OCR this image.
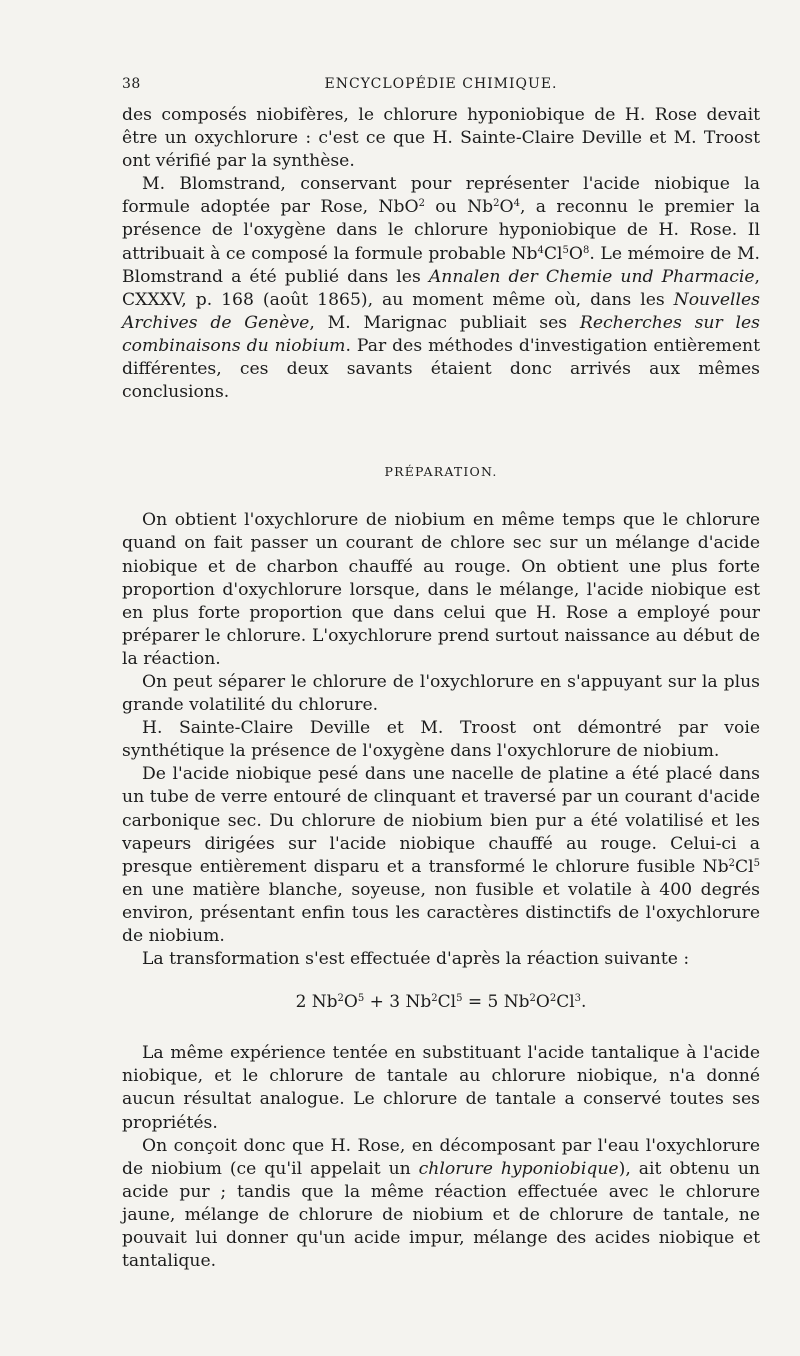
38	ENCYCLOPÉDIE CHIMIQUE.

des composés niobifères, le chlorure hyponiobique de H. Rose devait être un oxychlorure : c'est ce que H. Sainte-Claire Deville et M. Troost ont vérifié par la synthèse.

M. Blomstrand, conservant pour représenter l'acide niobique la formule adoptée par Rose, NbO$^2$ ou $Nb^2O^4$, a reconnu le premier la présence de l'oxygène dans le chlorure hyponiobique de H. Rose. Il attribuait à ce composé la formule probable $Nb^4Cl^5O^8$. Le mémoire de M. Blomstrand a été publié dans les Annalen der Chemie und Pharmacie, CXXXV, p. 168 (août 1865), au moment même où, dans les Nouvelles Archives de Genève, M. Marignac publiait ses Recherches sur les combinaisons du niobium. Par des méthodes d'investigation entièrement différentes, ces deux savants étaient donc arrivés aux mêmes conclusions.

PRÉPARATION.

On obtient l'oxychlorure de niobium en même temps que le chlorure quand on fait passer un courant de chlore sec sur un mélange d'acide niobique et de charbon chauffé au rouge. On obtient une plus forte proportion d'oxychlorure lorsque, dans le mélange, l'acide niobique est en plus forte proportion que dans celui que H. Rose a employé pour préparer le chlorure. L'oxychlorure prend surtout naissance au début de la réaction.

On peut séparer le chlorure de l'oxychlorure en s'appuyant sur la plus grande volatilité du chlorure.

H. Sainte-Claire Deville et M. Troost ont démontré par voie synthétique la présence de l'oxygène dans l'oxychlorure de niobium.

De l'acide niobique pesé dans une nacelle de platine a été placé dans un tube de verre entouré de clinquant et traversé par un courant d'acide carbonique sec. Du chlorure de niobium bien pur a été volatilisé et les vapeurs dirigées sur l'acide niobique chauffé au rouge. Celui-ci a presque entièrement disparu et a transformé le chlorure fusible Nb$^2$Cl$^5$ en une matière blanche, soyeuse, non fusible et volatile à 400 degrés environ, présentant enfin tous les caractères distinctifs de l'oxychlorure de niobium.

La transformation s'est effectuée d'après la réaction suivante :

2 $Nb^2O^5 + 3$ $Nb^2Cl^5 = 5$ $Nb^2O^2Cl^3$.

La même expérience tentée en substituant l'acide tantalique à l'acide niobique, et le chlorure de tantale au chlorure niobique, n'a donné aucun résultat analogue. Le chlorure de tantale a conservé toutes ses propriétés.

On conçoit donc que H. Rose, en décomposant par l'eau l'oxychlorure de niobium (ce qu'il appelait un chlorure hyponiobique), ait obtenu un acide pur ; tandis que la même réaction effectuée avec le chlorure jaune, mélange de chlorure de niobium et de chlorure de tantale, ne pouvait lui donner qu'un acide impur, mélange des acides niobique et tantalique.
